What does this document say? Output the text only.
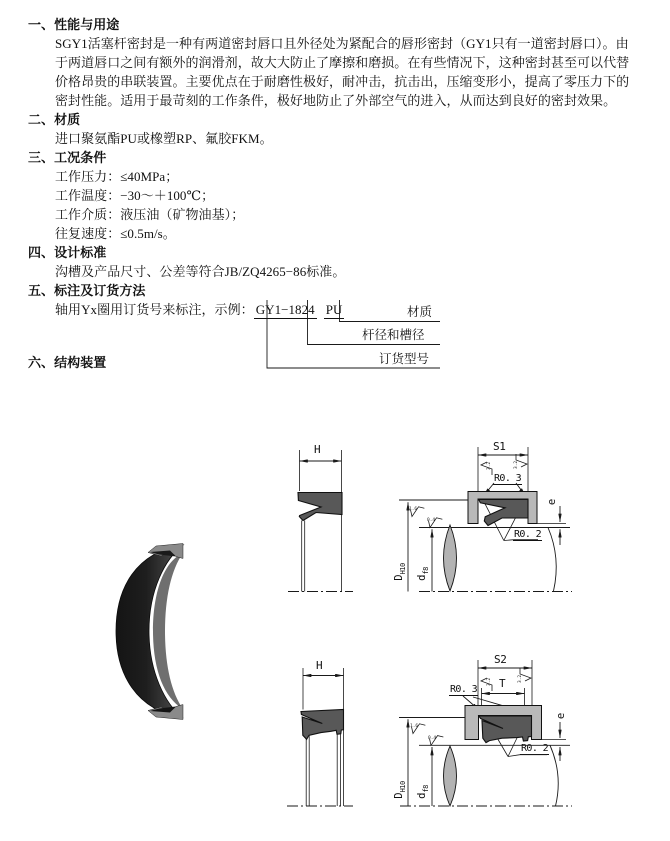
一、性能与用途
SGY1活塞杆密封是一种有两道密封唇口且外径处为紧配合的唇形密封（GY1只有一道密封唇口）。由
于两道唇口之间有额外的润滑剂，故大大防止了摩擦和磨损。在有些情况下，这种密封甚至可以代替
价格昂贵的串联装置。主要优点在于耐磨性极好，耐冲击，抗击出，压缩变形小，提高了零压力下的
密封性能。适用于最苛刻的工作条件，极好地防止了外部空气的进入，从而达到良好的密封效果。
二、材质
进口聚氨酯PU或橡塑RP、氟胶FKM。
三、工况条件
工作压力：≤40MPa；
工作温度：−30～＋100℃；
工作介质：液压油（矿物油基）；
往复速度：≤0.5m/s。
四、设计标准
沟槽及产品尺寸、公差等符合JB/ZQ4265−86标准。
五、标注及订货方法
轴用Yx圈用订货号来标注，示例： GY1−1824 PU	材质
杆径和槽径
订货型号
六、结构装置
H	S1
R0. 3
R0. 2
e
$D_{H10}$
$d_{f8}$
H	S2
T
R0. 3
R0. 2
e
$D_{H10}$
$d_{f8}$
3.2	3.2
1.6
0.4
3.2	3.2
1.6
0.4
